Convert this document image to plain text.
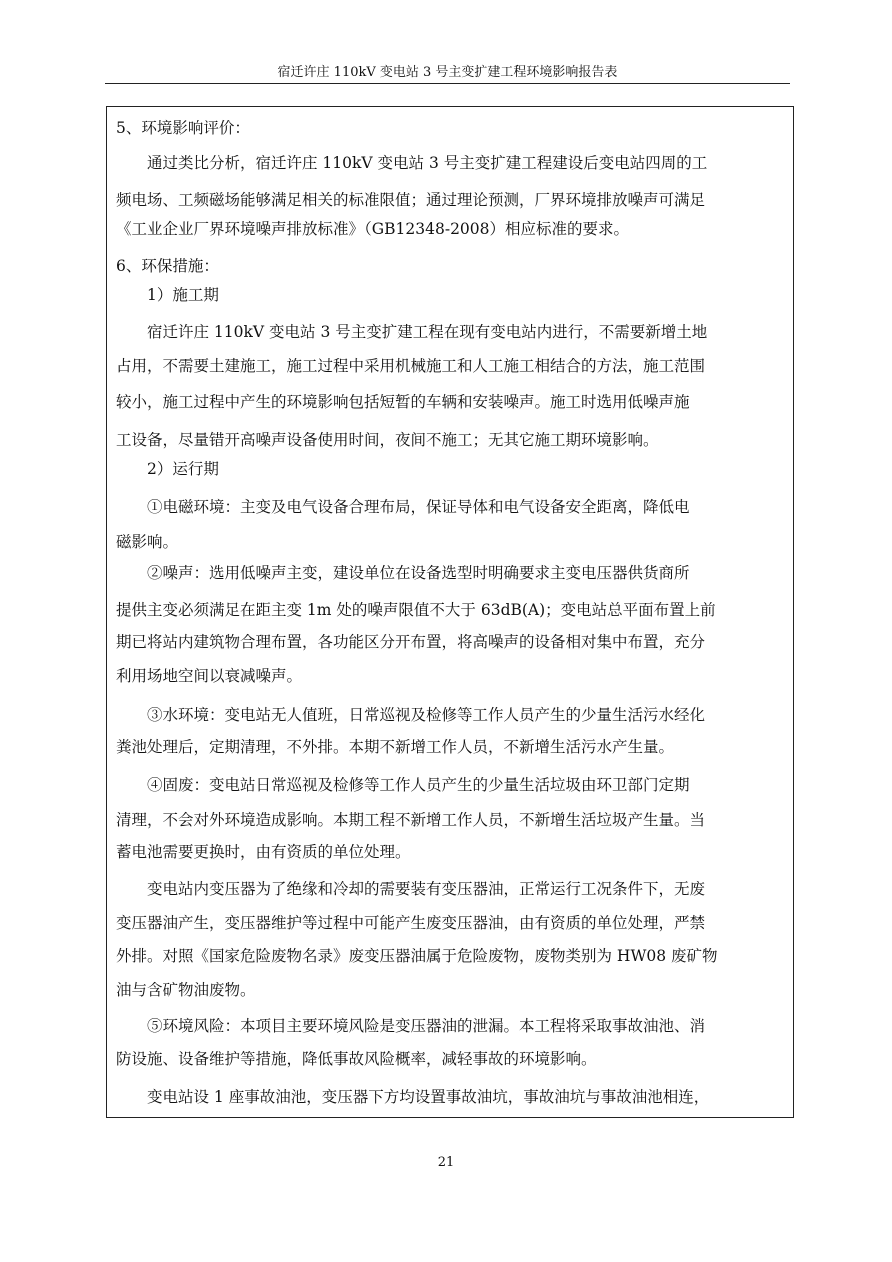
宿迁许庄 110kV 变电站 3 号主变扩建工程环境影响报告表
5、环境影响评价：
　　通过类比分析，宿迁许庄 110kV 变电站 3 号主变扩建工程建设后变电站四周的工
频电场、工频磁场能够满足相关的标准限值；通过理论预测，厂界环境排放噪声可满足
《工业企业厂界环境噪声排放标准》（GB12348-2008）相应标准的要求。
6、环保措施：
　　1）施工期
　　宿迁许庄 110kV 变电站 3 号主变扩建工程在现有变电站内进行，不需要新增土地
占用，不需要土建施工，施工过程中采用机械施工和人工施工相结合的方法，施工范围
较小，施工过程中产生的环境影响包括短暂的车辆和安装噪声。施工时选用低噪声施
工设备，尽量错开高噪声设备使用时间，夜间不施工；无其它施工期环境影响。
　　2）运行期
　　①电磁环境：主变及电气设备合理布局，保证导体和电气设备安全距离，降低电
磁影响。
　　②噪声：选用低噪声主变，建设单位在设备选型时明确要求主变电压器供货商所
提供主变必须满足在距主变 1m 处的噪声限值不大于 63dB(A)；变电站总平面布置上前
期已将站内建筑物合理布置，各功能区分开布置，将高噪声的设备相对集中布置，充分
利用场地空间以衰减噪声。
　　③水环境：变电站无人值班，日常巡视及检修等工作人员产生的少量生活污水经化
粪池处理后，定期清理，不外排。本期不新增工作人员，不新增生活污水产生量。
　　④固废：变电站日常巡视及检修等工作人员产生的少量生活垃圾由环卫部门定期
清理，不会对外环境造成影响。本期工程不新增工作人员，不新增生活垃圾产生量。当
蓄电池需要更换时，由有资质的单位处理。
　　变电站内变压器为了绝缘和冷却的需要装有变压器油，正常运行工况条件下，无废
变压器油产生，变压器维护等过程中可能产生废变压器油，由有资质的单位处理，严禁
外排。对照《国家危险废物名录》废变压器油属于危险废物，废物类别为 HW08 废矿物
油与含矿物油废物。
　　⑤环境风险：本项目主要环境风险是变压器油的泄漏。本工程将采取事故油池、消
防设施、设备维护等措施，降低事故风险概率，减轻事故的环境影响。
　　变电站设 1 座事故油池，变压器下方均设置事故油坑，事故油坑与事故油池相连，
21
